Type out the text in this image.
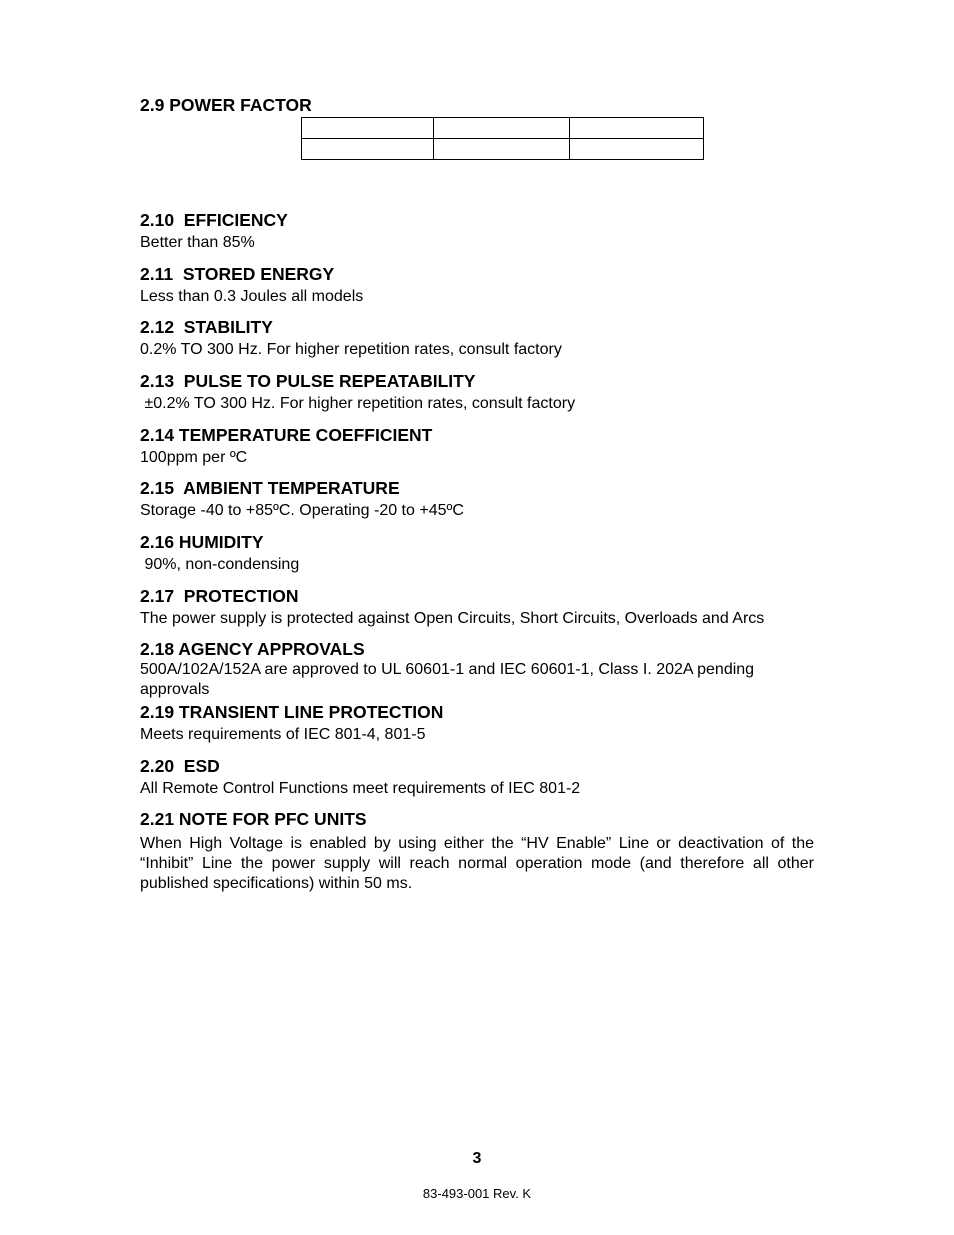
2.9 POWER FACTOR

2.10  EFFICIENCY
Better than 85%
2.11  STORED ENERGY
Less than 0.3 Joules all models
2.12  STABILITY
0.2% TO 300 Hz. For higher repetition rates, consult factory
2.13  PULSE TO PULSE REPEATABILITY
±0.2% TO 300 Hz. For higher repetition rates, consult factory
2.14 TEMPERATURE COEFFICIENT
100ppm per ºC
2.15  AMBIENT TEMPERATURE
Storage -40 to +85ºC. Operating -20 to +45ºC
2.16 HUMIDITY
90%, non-condensing
2.17  PROTECTION
The power supply is protected against Open Circuits, Short Circuits, Overloads and Arcs
2.18 AGENCY APPROVALS
500A/102A/152A are approved to UL 60601-1 and IEC 60601-1, Class I. 202A pending approvals
2.19 TRANSIENT LINE PROTECTION
Meets requirements of IEC 801-4, 801-5
2.20  ESD
All Remote Control Functions meet requirements of IEC 801-2
2.21 NOTE FOR PFC UNITS
When High Voltage is enabled by using either the “HV Enable” Line or deactivation of the “Inhibit” Line the power supply will reach normal operation mode (and therefore all other published specifications) within 50 ms.
3
83-493-001 Rev. K
